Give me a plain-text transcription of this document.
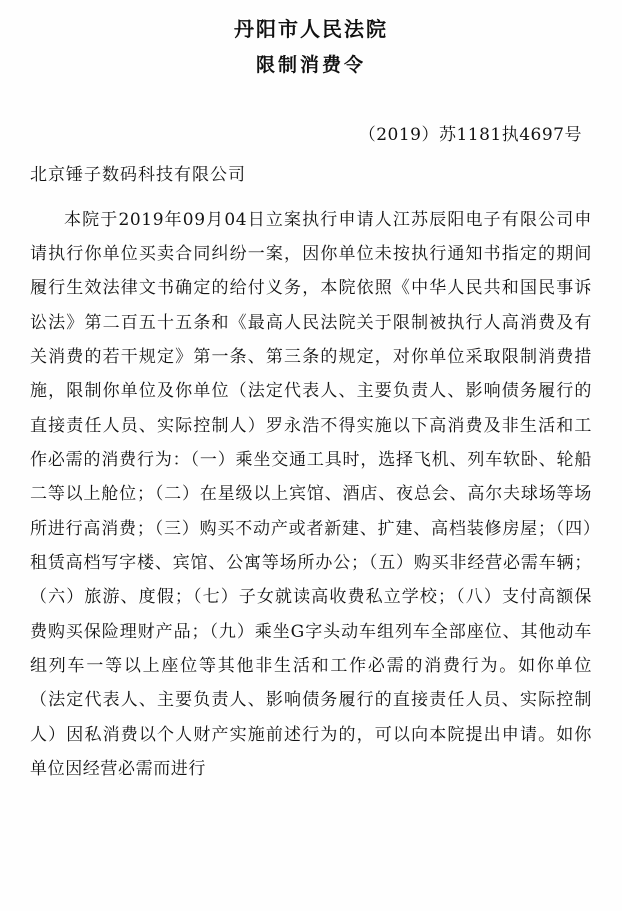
丹阳市人民法院
限制消费令
（2019）苏1181执4697号
北京锤子数码科技有限公司
本院于2019年09月04日立案执行申请人江苏辰阳电子有限公司申请执行你单位买卖合同纠纷一案，因你单位未按执行通知书指定的期间履行生效法律文书确定的给付义务，本院依照《中华人民共和国民事诉讼法》第二百五十五条和《最高人民法院关于限制被执行人高消费及有关消费的若干规定》第一条、第三条的规定，对你单位采取限制消费措施，限制你单位及你单位（法定代表人、主要负责人、影响债务履行的直接责任人员、实际控制人）罗永浩不得实施以下高消费及非生活和工作必需的消费行为：（一）乘坐交通工具时，选择飞机、列车软卧、轮船二等以上舱位；（二）在星级以上宾馆、酒店、夜总会、高尔夫球场等场所进行高消费；（三）购买不动产或者新建、扩建、高档装修房屋；（四）租赁高档写字楼、宾馆、公寓等场所办公；（五）购买非经营必需车辆；（六）旅游、度假；（七）子女就读高收费私立学校；（八）支付高额保费购买保险理财产品；（九）乘坐G字头动车组列车全部座位、其他动车组列车一等以上座位等其他非生活和工作必需的消费行为。如你单位（法定代表人、主要负责人、影响债务履行的直接责任人员、实际控制人）因私消费以个人财产实施前述行为的，可以向本院提出申请。如你单位因经营必需而进行
